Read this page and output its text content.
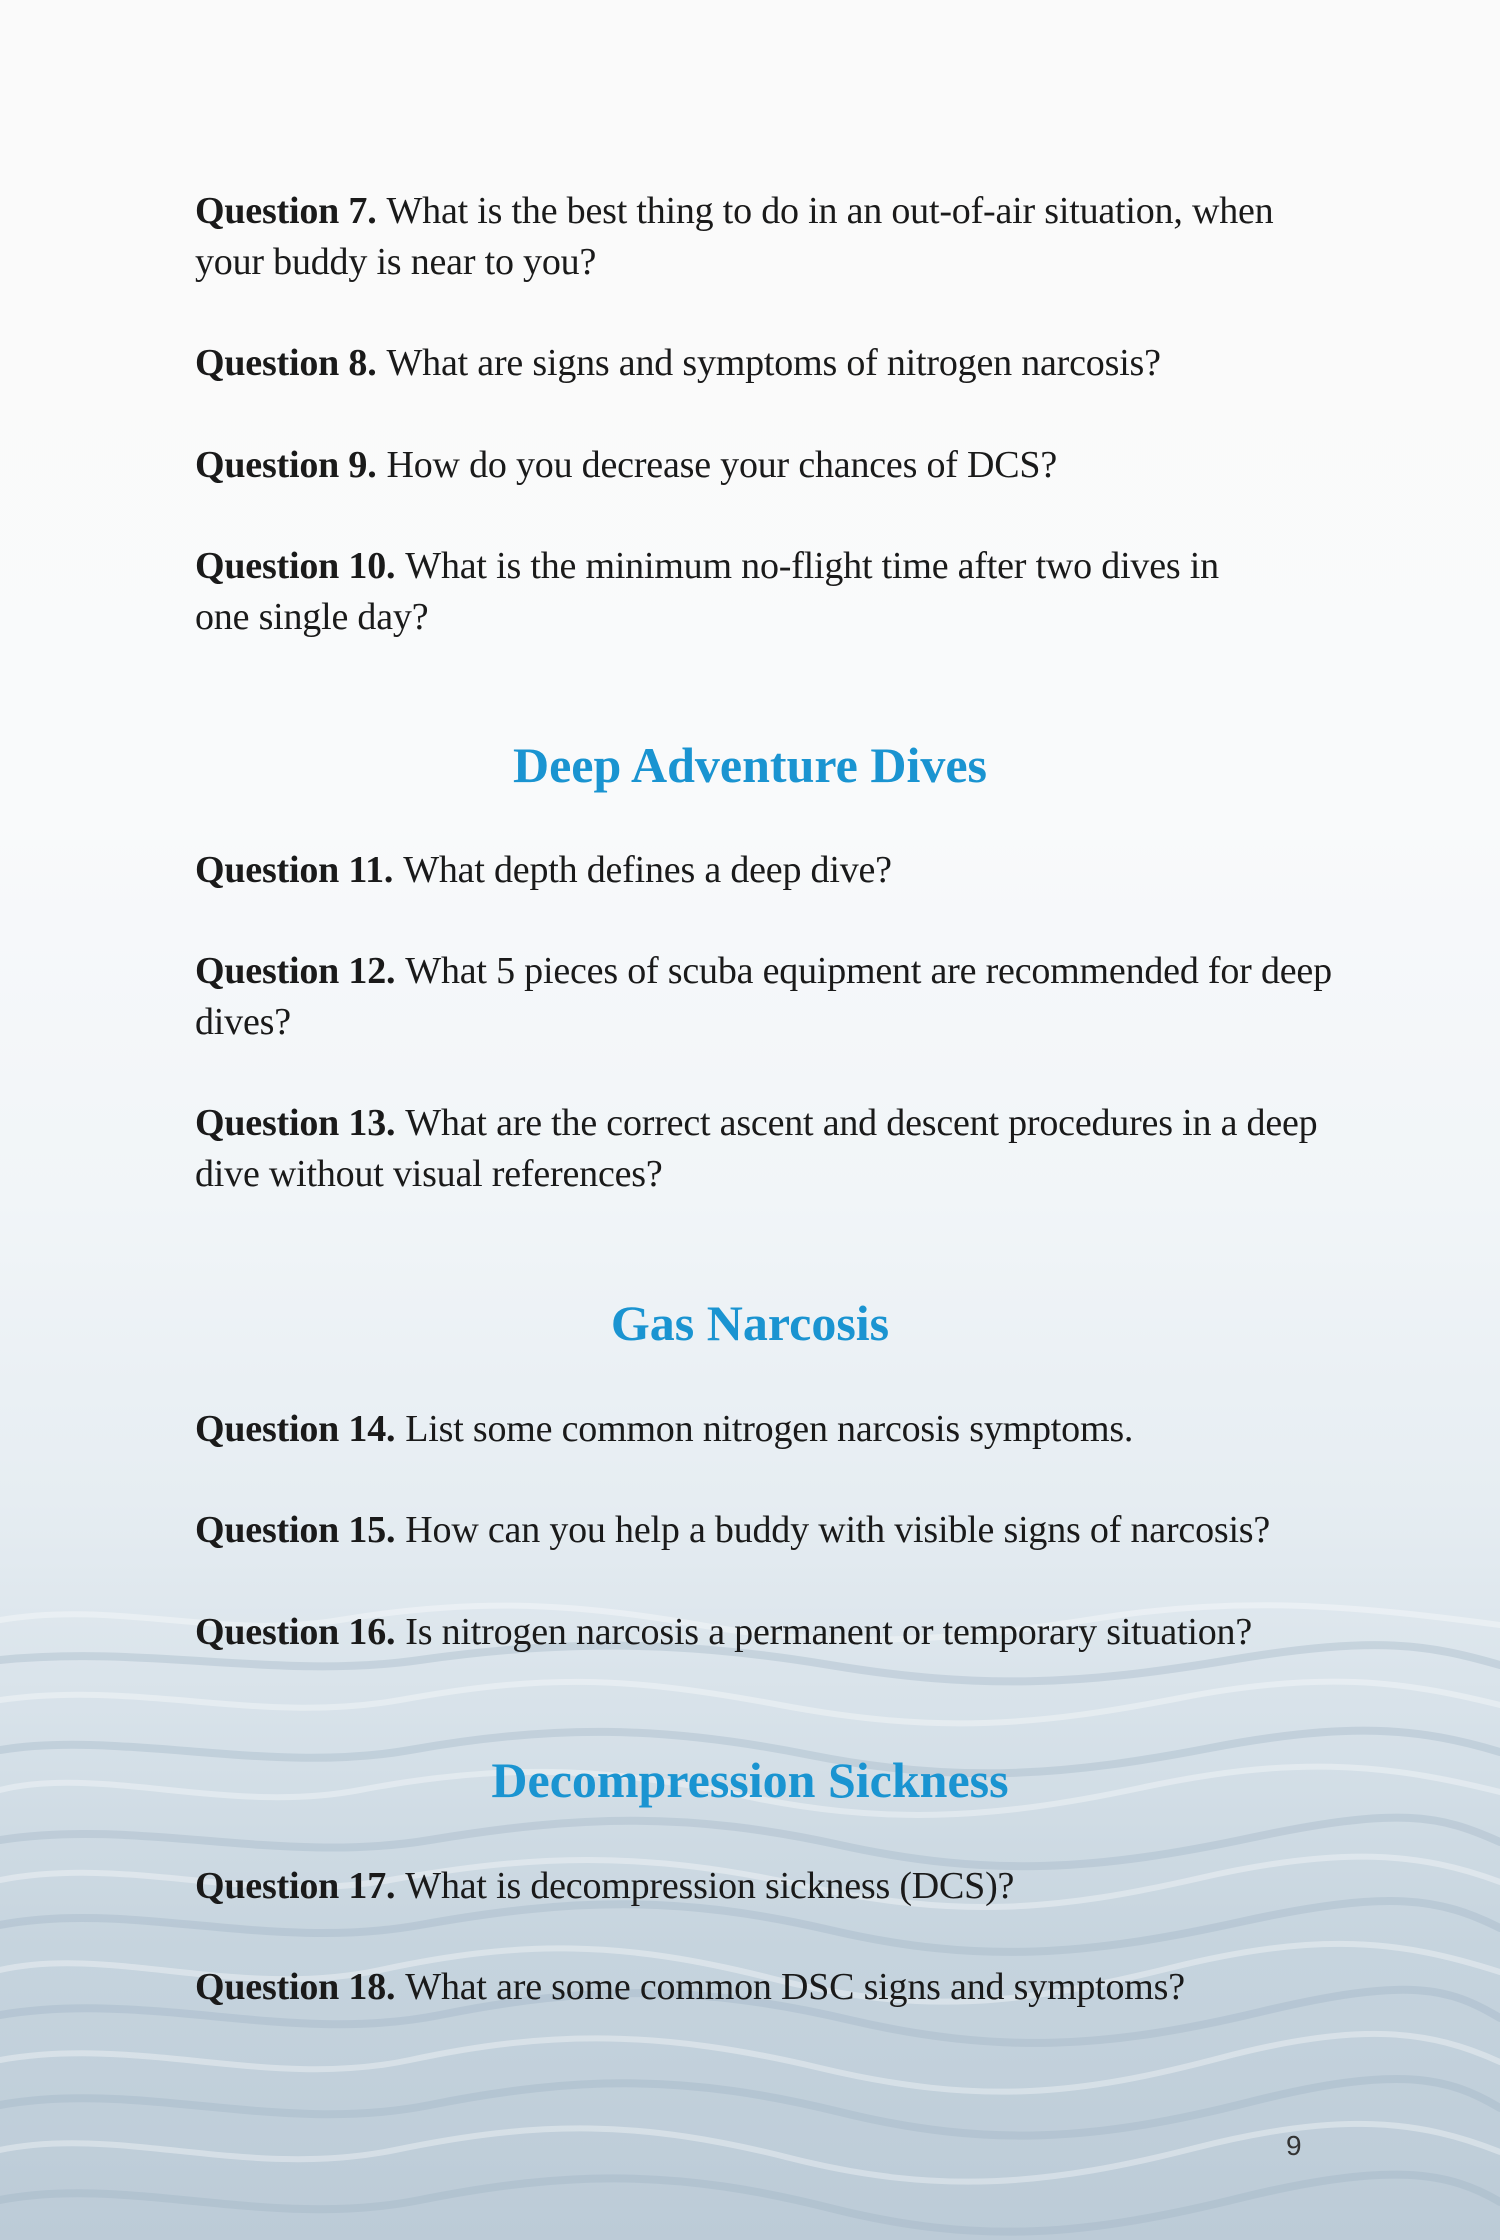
Question 7. What is the best thing to do in an out-of-air situation, when your buddy is near to you?
Question 8. What are signs and symptoms of nitrogen narcosis?
Question 9. How do you decrease your chances of DCS?
Question 10. What is the minimum no-flight time after two dives in one single day?
Deep Adventure Dives
Question 11. What depth defines a deep dive?
Question 12. What 5 pieces of scuba equipment are recommended for deep dives?
Question 13. What are the correct ascent and descent procedures in a deep dive without visual references?
Gas Narcosis
Question 14. List some common nitrogen narcosis symptoms.
Question 15. How can you help a buddy with visible signs of narcosis?
Question 16. Is nitrogen narcosis a permanent or temporary situation?
Decompression Sickness
Question 17. What is decompression sickness (DCS)?
Question 18. What are some common DSC signs and symptoms?
9
